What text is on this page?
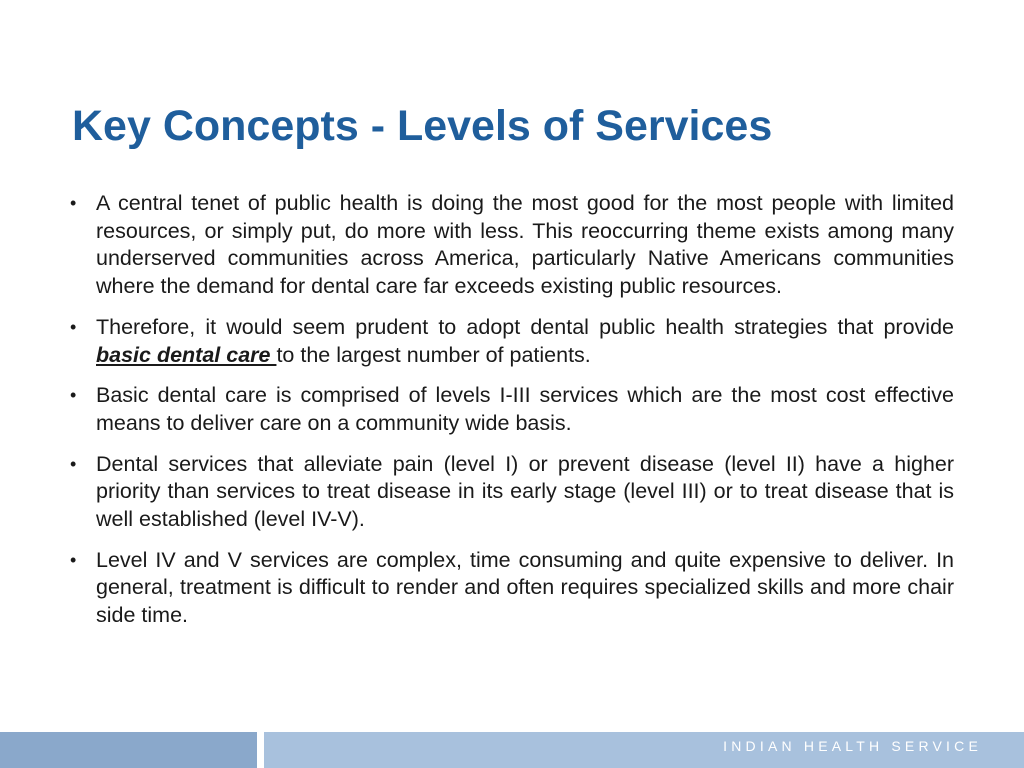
Key Concepts - Levels of Services
• A central tenet of public health is doing the most good for the most people with limited resources, or simply put, do more with less. This reoccurring theme exists among many underserved communities across America, particularly Native Americans communities where the demand for dental care far exceeds existing public resources.
• Therefore, it would seem prudent to adopt dental public health strategies that provide basic dental care to the largest number of patients.
• Basic dental care is comprised of levels I-III services which are the most cost effective means to deliver care on a community wide basis.
• Dental services that alleviate pain (level I) or prevent disease (level II) have a higher priority than services to treat disease in its early stage (level III) or to treat disease that is well established (level IV-V).
• Level IV and V services are complex, time consuming and quite expensive to deliver. In general, treatment is difficult to render and often requires specialized skills and more chair side time.
INDIAN HEALTH SERVICE
